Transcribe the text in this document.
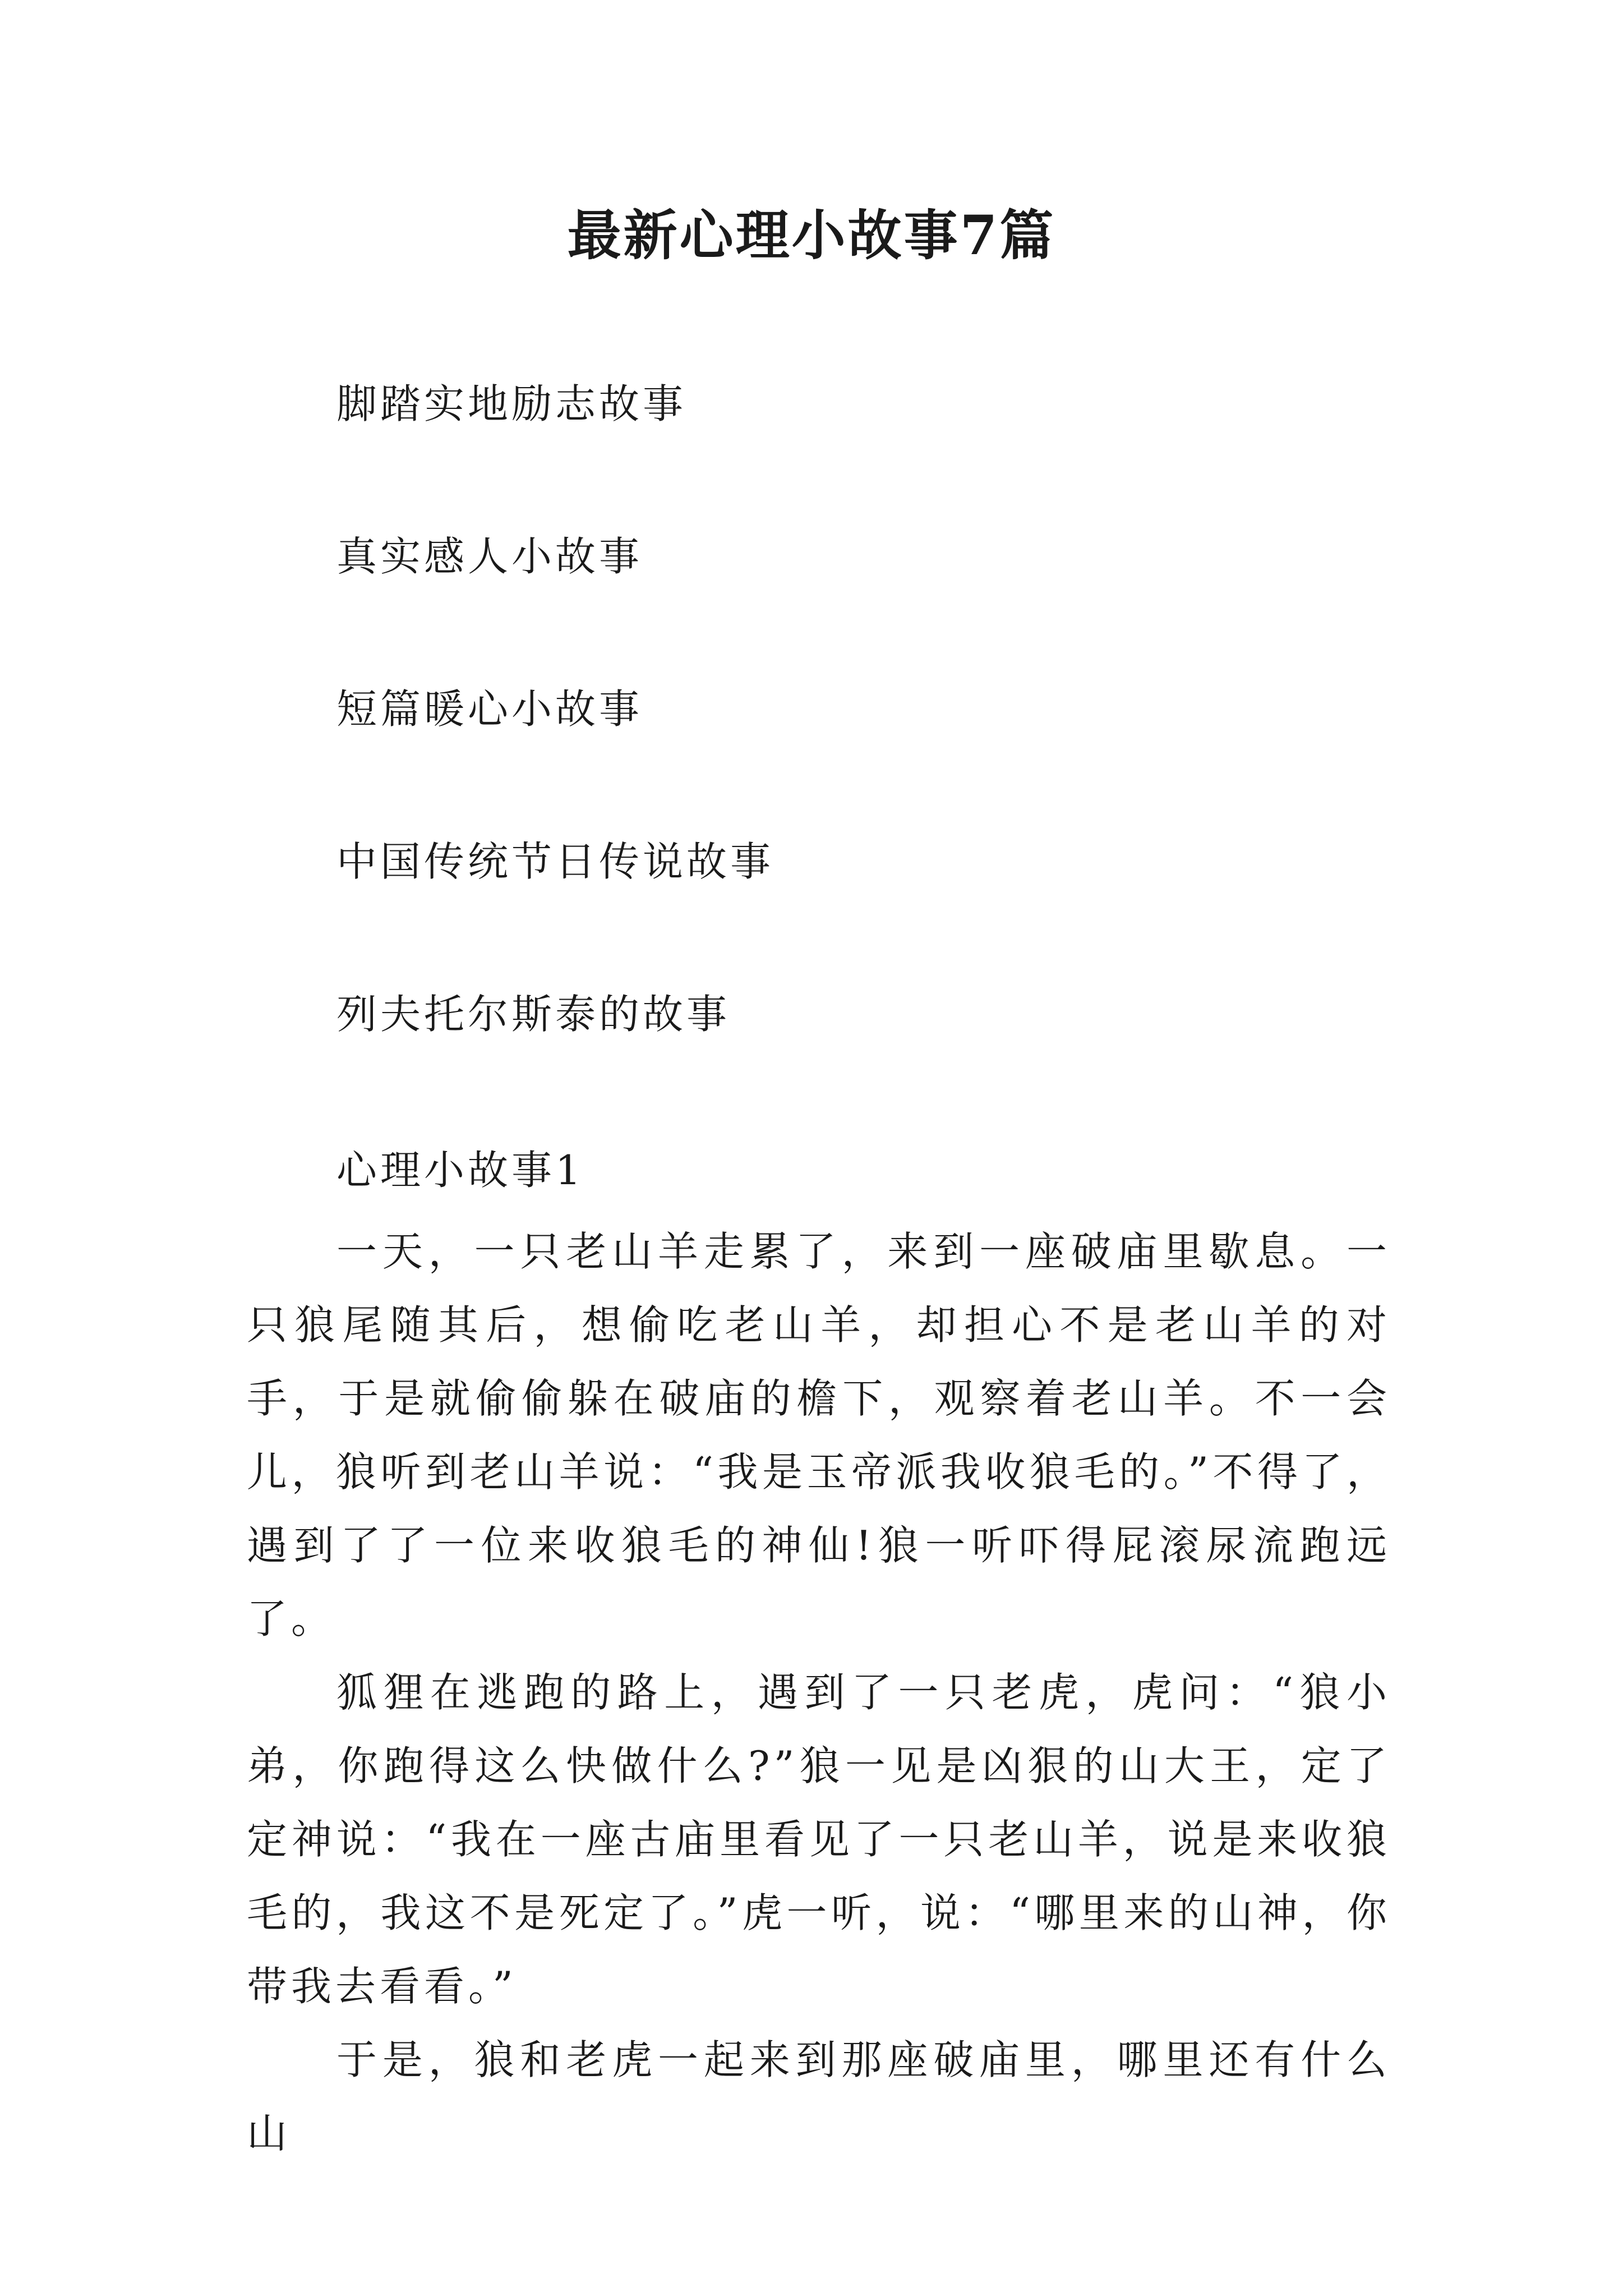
最新心理小故事7篇
脚踏实地励志故事
真实感人小故事
短篇暖心小故事
中国传统节日传说故事
列夫托尔斯泰的故事
心理小故事1

一天，一只老山羊走累了，来到一座破庙里歇息。一只狼尾随其后，想偷吃老山羊，却担心不是老山羊的对手，于是就偷偷躲在破庙的檐下，观察着老山羊。不一会儿，狼听到老山羊说：“我是玉帝派我收狼毛的。”不得了，遇到了了一位来收狼毛的神仙!狼一听吓得屁滚尿流跑远了。

狐狸在逃跑的路上，遇到了一只老虎，虎问：“狼小弟，你跑得这么快做什么?”狼一见是凶狠的山大王，定了定神说：“我在一座古庙里看见了一只老山羊，说是来收狼毛的，我这不是死定了。”虎一听，说：“哪里来的山神，你带我去看看。”

于是，狼和老虎一起来到那座破庙里，哪里还有什么山
